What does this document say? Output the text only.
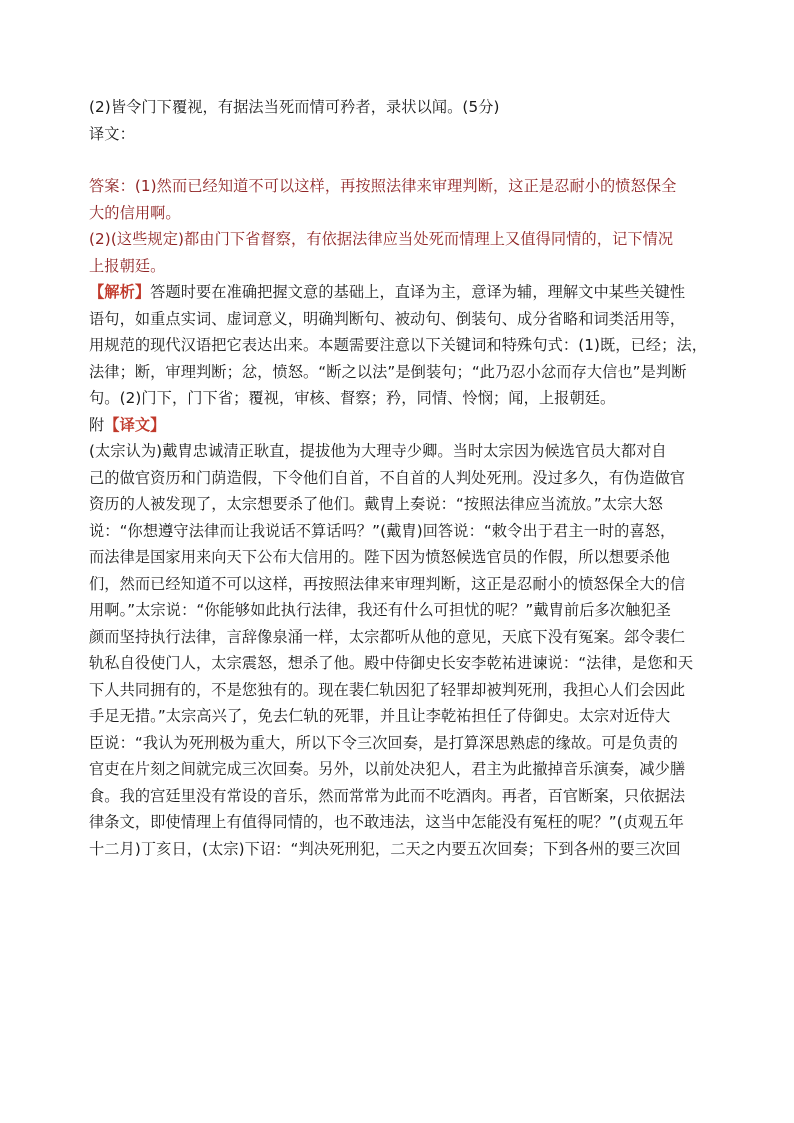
(2)皆令门下覆视，有据法当死而情可矜者，录状以闻。(5分)

译文：

答案：(1)然而已经知道不可以这样，再按照法律来审理判断，这正是忍耐小的愤怒保全

大的信用啊。

(2)(这些规定)都由门下省督察，有依据法律应当处死而情理上又值得同情的，记下情况

上报朝廷。

【解析】答题时要在准确把握文意的基础上，直译为主，意译为辅，理解文中某些关键性

语句，如重点实词、虚词意义，明确判断句、被动句、倒装句、成分省略和词类活用等，

用规范的现代汉语把它表达出来。本题需要注意以下关键词和特殊句式：(1)既，已经；法，

法律；断，审理判断；忿，愤怒。“断之以法”是倒装句；“此乃忍小忿而存大信也”是判断

句。(2)门下，门下省；覆视，审核、督察；矜，同情、怜悯；闻，上报朝廷。

附【译文】

(太宗认为)戴胄忠诚清正耿直，提拔他为大理寺少卿。当时太宗因为候选官员大都对自

己的做官资历和门荫造假，下令他们自首，不自首的人判处死刑。没过多久，有伪造做官

资历的人被发现了，太宗想要杀了他们。戴胄上奏说：“按照法律应当流放。”太宗大怒

说：“你想遵守法律而让我说话不算话吗？”(戴胄)回答说：“敕令出于君主一时的喜怒，

而法律是国家用来向天下公布大信用的。陛下因为愤怒候选官员的作假，所以想要杀他

们，然而已经知道不可以这样，再按照法律来审理判断，这正是忍耐小的愤怒保全大的信

用啊。”太宗说：“你能够如此执行法律，我还有什么可担忧的呢？”戴胄前后多次触犯圣

颜而坚持执行法律，言辞像泉涌一样，太宗都听从他的意见，天底下没有冤案。郐令裴仁

轨私自役使门人，太宗震怒，想杀了他。殿中侍御史长安李乾祐进谏说：“法律，是您和天

下人共同拥有的，不是您独有的。现在裴仁轨因犯了轻罪却被判死刑，我担心人们会因此

手足无措。”太宗高兴了，免去仁轨的死罪，并且让李乾祐担任了侍御史。太宗对近侍大

臣说：“我认为死刑极为重大，所以下令三次回奏，是打算深思熟虑的缘故。可是负责的

官吏在片刻之间就完成三次回奏。另外，以前处决犯人，君主为此撤掉音乐演奏，减少膳

食。我的宫廷里没有常设的音乐，然而常常为此而不吃酒肉。再者，百官断案，只依据法

律条文，即使情理上有值得同情的，也不敢违法，这当中怎能没有冤枉的呢？”(贞观五年

十二月)丁亥日，(太宗)下诏：“判决死刑犯，二天之内要五次回奏；下到各州的要三次回
